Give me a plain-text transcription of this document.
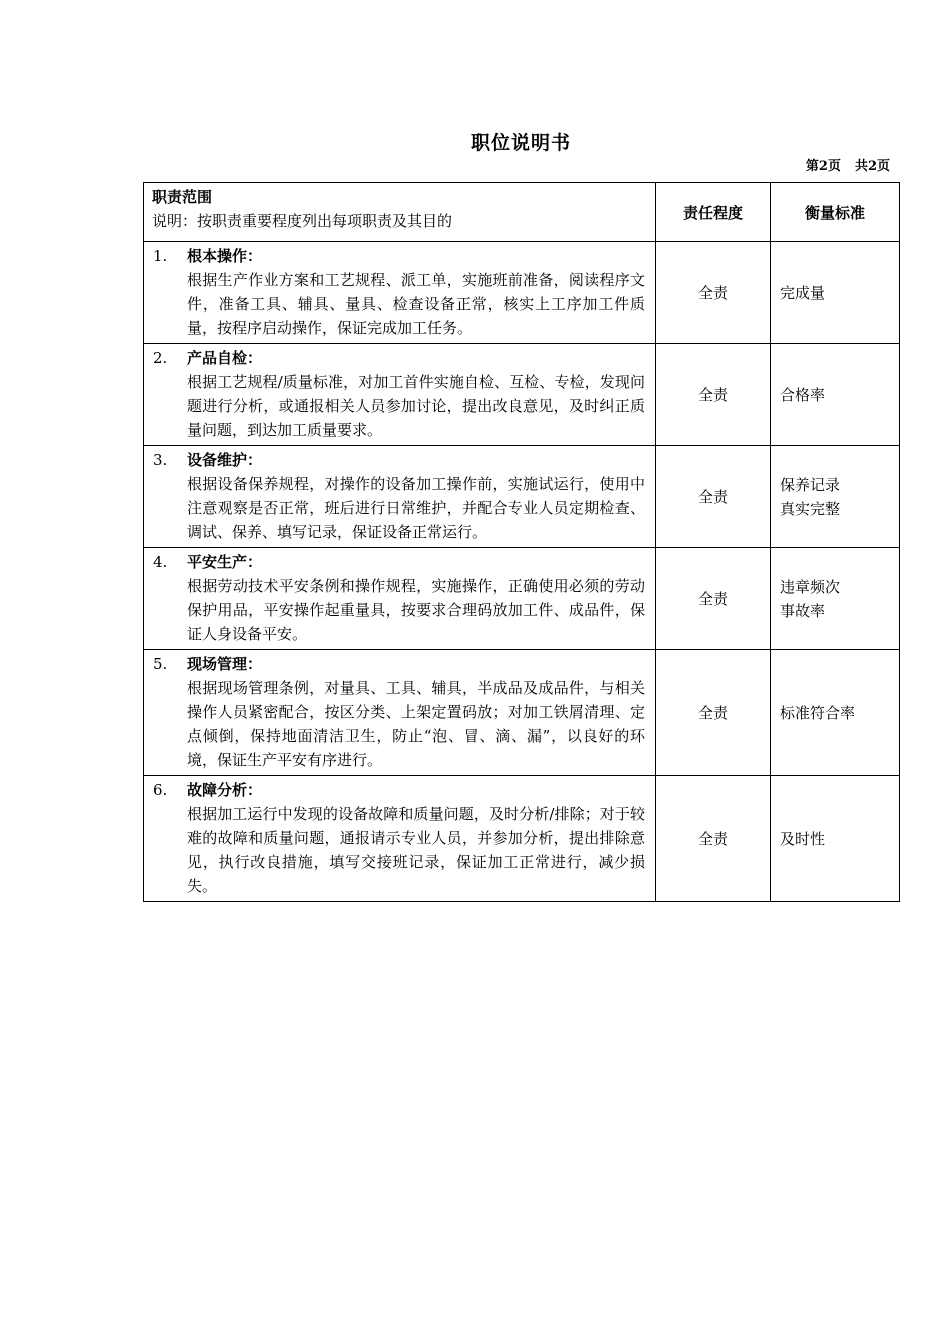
职位说明书
第2页 共2页
职责范围
说明：按职责重要程度列出每项职责及其目的	责任程度	衡量标准

1. 根本操作：
根据生产作业方案和工艺规程、派工单，实施班前准备，阅读程序文件，准备工具、辅具、量具、检查设备正常，核实上工序加工件质量，按程序启动操作，保证完成加工任务。	全责	完成量

2. 产品自检：
根据工艺规程/质量标准，对加工首件实施自检、互检、专检，发现问题进行分析，或通报相关人员参加讨论，提出改良意见，及时纠正质量问题，到达加工质量要求。	全责	合格率

3. 设备维护：
根据设备保养规程，对操作的设备加工操作前，实施试运行，使用中注意观察是否正常，班后进行日常维护，并配合专业人员定期检查、调试、保养、填写记录，保证设备正常运行。	全责	保养记录
真实完整

4. 平安生产：
根据劳动技术平安条例和操作规程，实施操作，正确使用必须的劳动保护用品，平安操作起重量具，按要求合理码放加工件、成品件，保证人身设备平安。	全责	违章频次
事故率

5. 现场管理：
根据现场管理条例，对量具、工具、辅具，半成品及成品件，与相关操作人员紧密配合，按区分类、上架定置码放；对加工铁屑清理、定点倾倒，保持地面清洁卫生，防止“泡、冒、滴、漏”，以良好的环境，保证生产平安有序进行。	全责	标准符合率

6. 故障分析：
根据加工运行中发现的设备故障和质量问题，及时分析/排除；对于较难的故障和质量问题，通报请示专业人员，并参加分析，提出排除意见，执行改良措施，填写交接班记录，保证加工正常进行，减少损失。	全责	及时性
